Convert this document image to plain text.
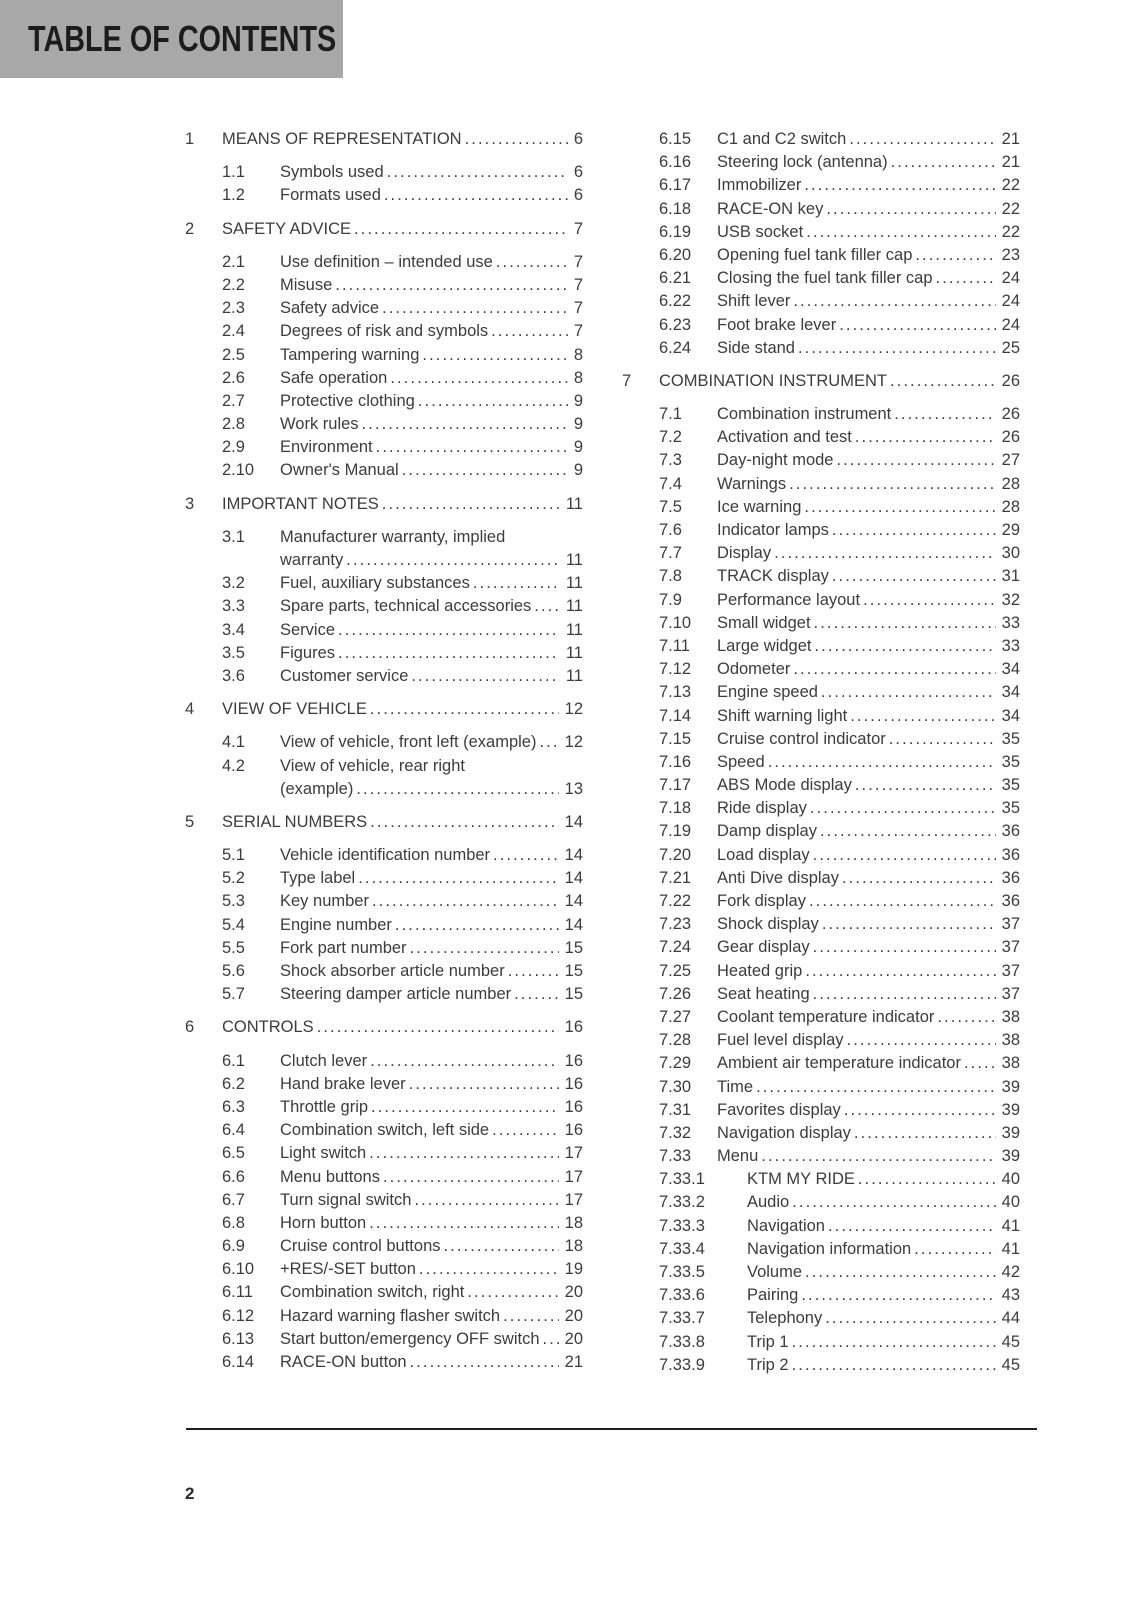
TABLE OF CONTENTS
1	MEANS OF REPRESENTATION .....	6
1.1	Symbols used .....	6
1.2	Formats used .....	6
2	SAFETY ADVICE .....	7
2.1	Use definition – intended use .....	7
2.2	Misuse .....	7
2.3	Safety advice .....	7
2.4	Degrees of risk and symbols .....	7
2.5	Tampering warning .....	8
2.6	Safe operation .....	8
2.7	Protective clothing .....	9
2.8	Work rules .....	9
2.9	Environment .....	9
2.10	Owner's Manual .....	9
3	IMPORTANT NOTES .....	11
3.1	Manufacturer warranty, implied
warranty .....	11
3.2	Fuel, auxiliary substances .....	11
3.3	Spare parts, technical accessories ..... 11
3.4	Service .....	11
3.5	Figures .....	11
3.6	Customer service .....	11
4	VIEW OF VEHICLE .....	12
4.1	View of vehicle, front left (example) ..... 12
4.2	View of vehicle, rear right
(example) .....	13
5	SERIAL NUMBERS .....	14
5.1	Vehicle identification number .....	14
5.2	Type label .....	14
5.3	Key number .....	14
5.4	Engine number .....	14
5.5	Fork part number .....	15
5.6	Shock absorber article number .....	15
5.7	Steering damper article number .....	15
6	CONTROLS .....	16
6.1	Clutch lever .....	16
6.2	Hand brake lever .....	16
6.3	Throttle grip .....	16
6.4	Combination switch, left side .....	16
6.5	Light switch .....	17
6.6	Menu buttons .....	17
6.7	Turn signal switch .....	17
6.8	Horn button .....	18
6.9	Cruise control buttons .....	18
6.10	+RES/-SET button .....	19
6.11	Combination switch, right .....	20
6.12	Hazard warning flasher switch .....	20
6.13	Start button/emergency OFF switch ..... 20
6.14	RACE-ON button .....	21
6.15	C1 and C2 switch .....	21
6.16	Steering lock (antenna) .....	21
6.17	Immobilizer .....	22
6.18	RACE-ON key .....	22
6.19	USB socket .....	22
6.20	Opening fuel tank filler cap .....	23
6.21	Closing the fuel tank filler cap .....	24
6.22	Shift lever .....	24
6.23	Foot brake lever .....	24
6.24	Side stand .....	25
7	COMBINATION INSTRUMENT .....	26
7.1	Combination instrument .....	26
7.2	Activation and test .....	26
7.3	Day-night mode .....	27
7.4	Warnings .....	28
7.5	Ice warning .....	28
7.6	Indicator lamps .....	29
7.7	Display .....	30
7.8	TRACK display .....	31
7.9	Performance layout .....	32
7.10	Small widget .....	33
7.11	Large widget .....	33
7.12	Odometer .....	34
7.13	Engine speed .....	34
7.14	Shift warning light .....	34
7.15	Cruise control indicator .....	35
7.16	Speed .....	35
7.17	ABS Mode display .....	35
7.18	Ride display .....	35
7.19	Damp display .....	36
7.20	Load display .....	36
7.21	Anti Dive display .....	36
7.22	Fork display .....	36
7.23	Shock display .....	37
7.24	Gear display .....	37
7.25	Heated grip .....	37
7.26	Seat heating .....	37
7.27	Coolant temperature indicator .....	38
7.28	Fuel level display .....	38
7.29	Ambient air temperature indicator ..... 38
7.30	Time .....	39
7.31	Favorites display .....	39
7.32	Navigation display .....	39
7.33	Menu .....	39
7.33.1	KTM MY RIDE .....	40
7.33.2	Audio .....	40
7.33.3	Navigation .....	41
7.33.4	Navigation information .....	41
7.33.5	Volume .....	42
7.33.6	Pairing .....	43
7.33.7	Telephony .....	44
7.33.8	Trip 1 .....	45
7.33.9	Trip 2 .....	45
2
